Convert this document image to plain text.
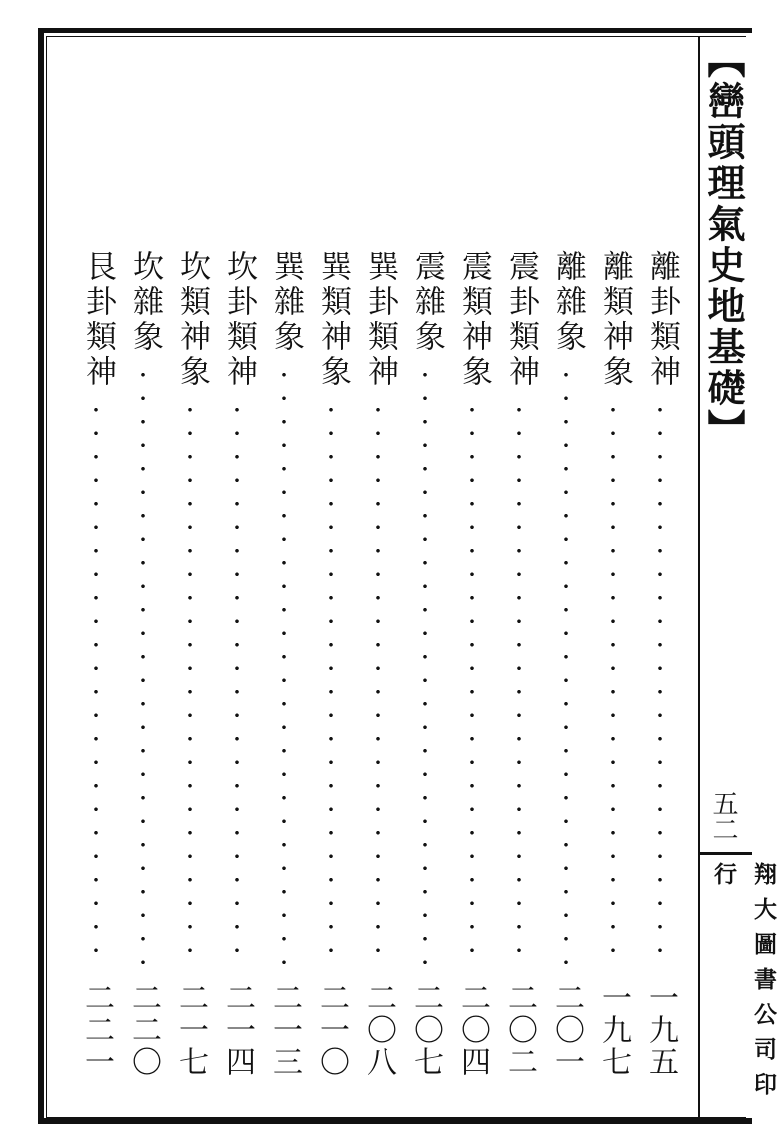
離卦類神
一九五
離類神象
一九七
離雜象
二〇一
震卦類神
二〇二
震類神象
二〇四
震雜象
二〇七
巽卦類神
二〇八
巽類神象
二一〇
巽雜象
二一三
坎卦類神
二一四
坎類神象
二一七
坎雜象
二二〇
艮卦類神
二二一
【巒頭理氣史地基礎】
五二
翔大圖書公司印行
